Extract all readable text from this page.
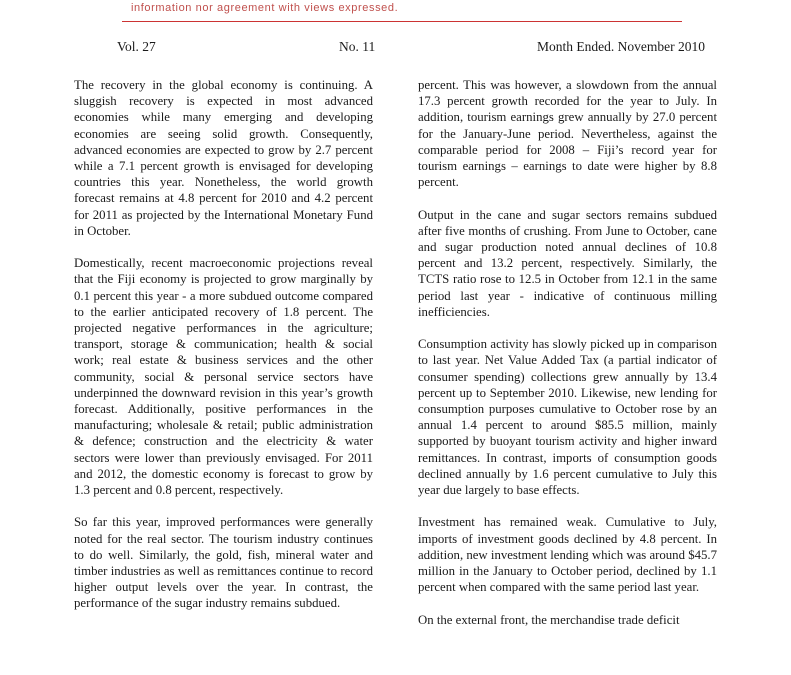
information nor agreement with views expressed.
Vol. 27	No. 11	Month Ended. November 2010

The recovery in the global economy is continuing. A sluggish recovery is expected in most advanced economies while many emerging and developing economies are seeing solid growth. Consequently, advanced economies are expected to grow by 2.7 percent while a 7.1 percent growth is envisaged for developing countries this year. Nonetheless, the world growth forecast remains at 4.8 percent for 2010 and 4.2 percent for 2011 as projected by the International Monetary Fund in October.

Domestically, recent macroeconomic projections reveal that the Fiji economy is projected to grow marginally by 0.1 percent this year - a more subdued outcome compared to the earlier anticipated recovery of 1.8 percent. The projected negative performances in the agriculture; transport, storage & communication; health & social work; real estate & business services and the other community, social & personal service sectors have underpinned the downward revision in this year’s growth forecast. Additionally, positive performances in the manufacturing; wholesale & retail; public administration & defence; construction and the electricity & water sectors were lower than previously envisaged. For 2011 and 2012, the domestic economy is forecast to grow by 1.3 percent and 0.8 percent, respectively.

So far this year, improved performances were generally noted for the real sector. The tourism industry continues to do well. Similarly, the gold, fish, mineral water and timber industries as well as remittances continue to record higher output levels over the year. In contrast, the performance of the sugar industry remains subdued.

percent. This was however, a slowdown from the annual 17.3 percent growth recorded for the year to July. In addition, tourism earnings grew annually by 27.0 percent for the January-June period. Nevertheless, against the comparable period for 2008 – Fiji’s record year for tourism earnings – earnings to date were higher by 8.8 percent.

Output in the cane and sugar sectors remains subdued after five months of crushing. From June to October, cane and sugar production noted annual declines of 10.8 percent and 13.2 percent, respectively. Similarly, the TCTS ratio rose to 12.5 in October from 12.1 in the same period last year - indicative of continuous milling inefficiencies.

Consumption activity has slowly picked up in comparison to last year. Net Value Added Tax (a partial indicator of consumer spending) collections grew annually by 13.4 percent up to September 2010. Likewise, new lending for consumption purposes cumulative to October rose by an annual 1.4 percent to around $85.5 million, mainly supported by buoyant tourism activity and higher inward remittances. In contrast, imports of consumption goods declined annually by 1.6 percent cumulative to July this year due largely to base effects.

Investment has remained weak. Cumulative to July, imports of investment goods declined by 4.8 percent. In addition, new investment lending which was around $45.7 million in the January to October period, declined by 1.1 percent when compared with the same period last year.

On the external front, the merchandise trade deficit
